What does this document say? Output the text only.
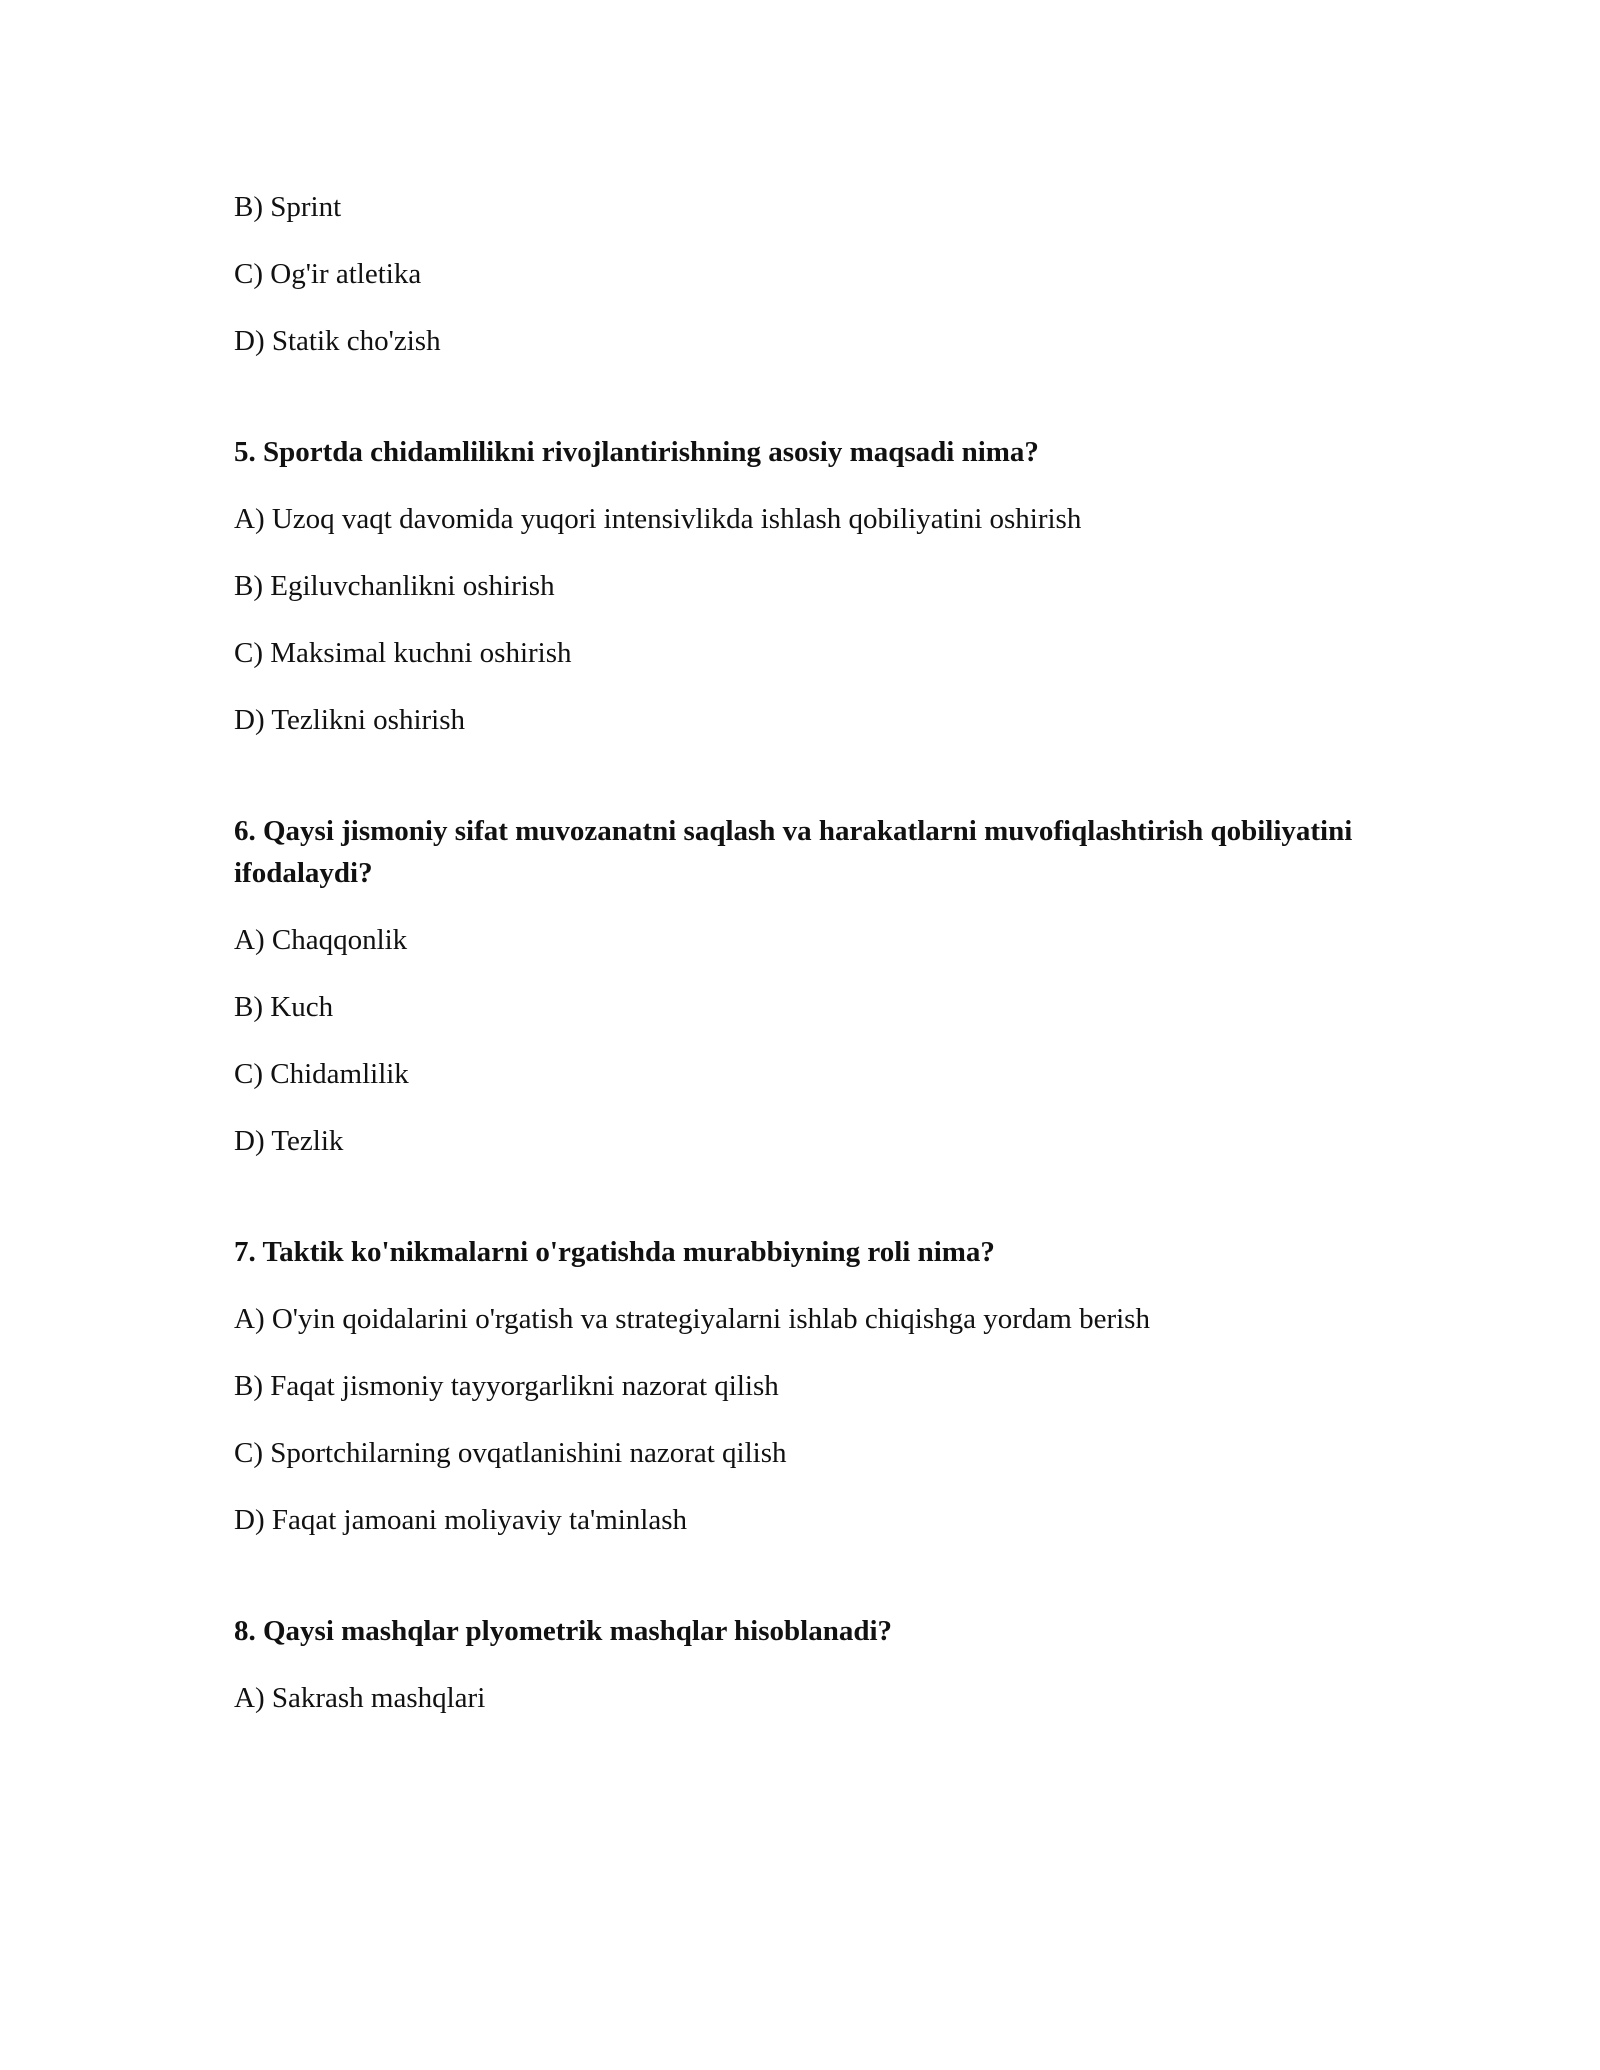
B) Sprint
C) Og'ir atletika
D) Statik cho'zish
5. Sportda chidamlilikni rivojlantirishning asosiy maqsadi nima?
A) Uzoq vaqt davomida yuqori intensivlikda ishlash qobiliyatini oshirish
B) Egiluvchanlikni oshirish
C) Maksimal kuchni oshirish
D) Tezlikni oshirish
6. Qaysi jismoniy sifat muvozanatni saqlash va harakatlarni muvofiqlashtirish qobiliyatini ifodalaydi?
A) Chaqqonlik
B) Kuch
C) Chidamlilik
D) Tezlik
7. Taktik ko'nikmalarni o'rgatishda murabbiyning roli nima?
A) O'yin qoidalarini o'rgatish va strategiyalarni ishlab chiqishga yordam berish
B) Faqat jismoniy tayyorgarlikni nazorat qilish
C) Sportchilarning ovqatlanishini nazorat qilish
D) Faqat jamoani moliyaviy ta'minlash
8. Qaysi mashqlar plyometrik mashqlar hisoblanadi?
A) Sakrash mashqlari
